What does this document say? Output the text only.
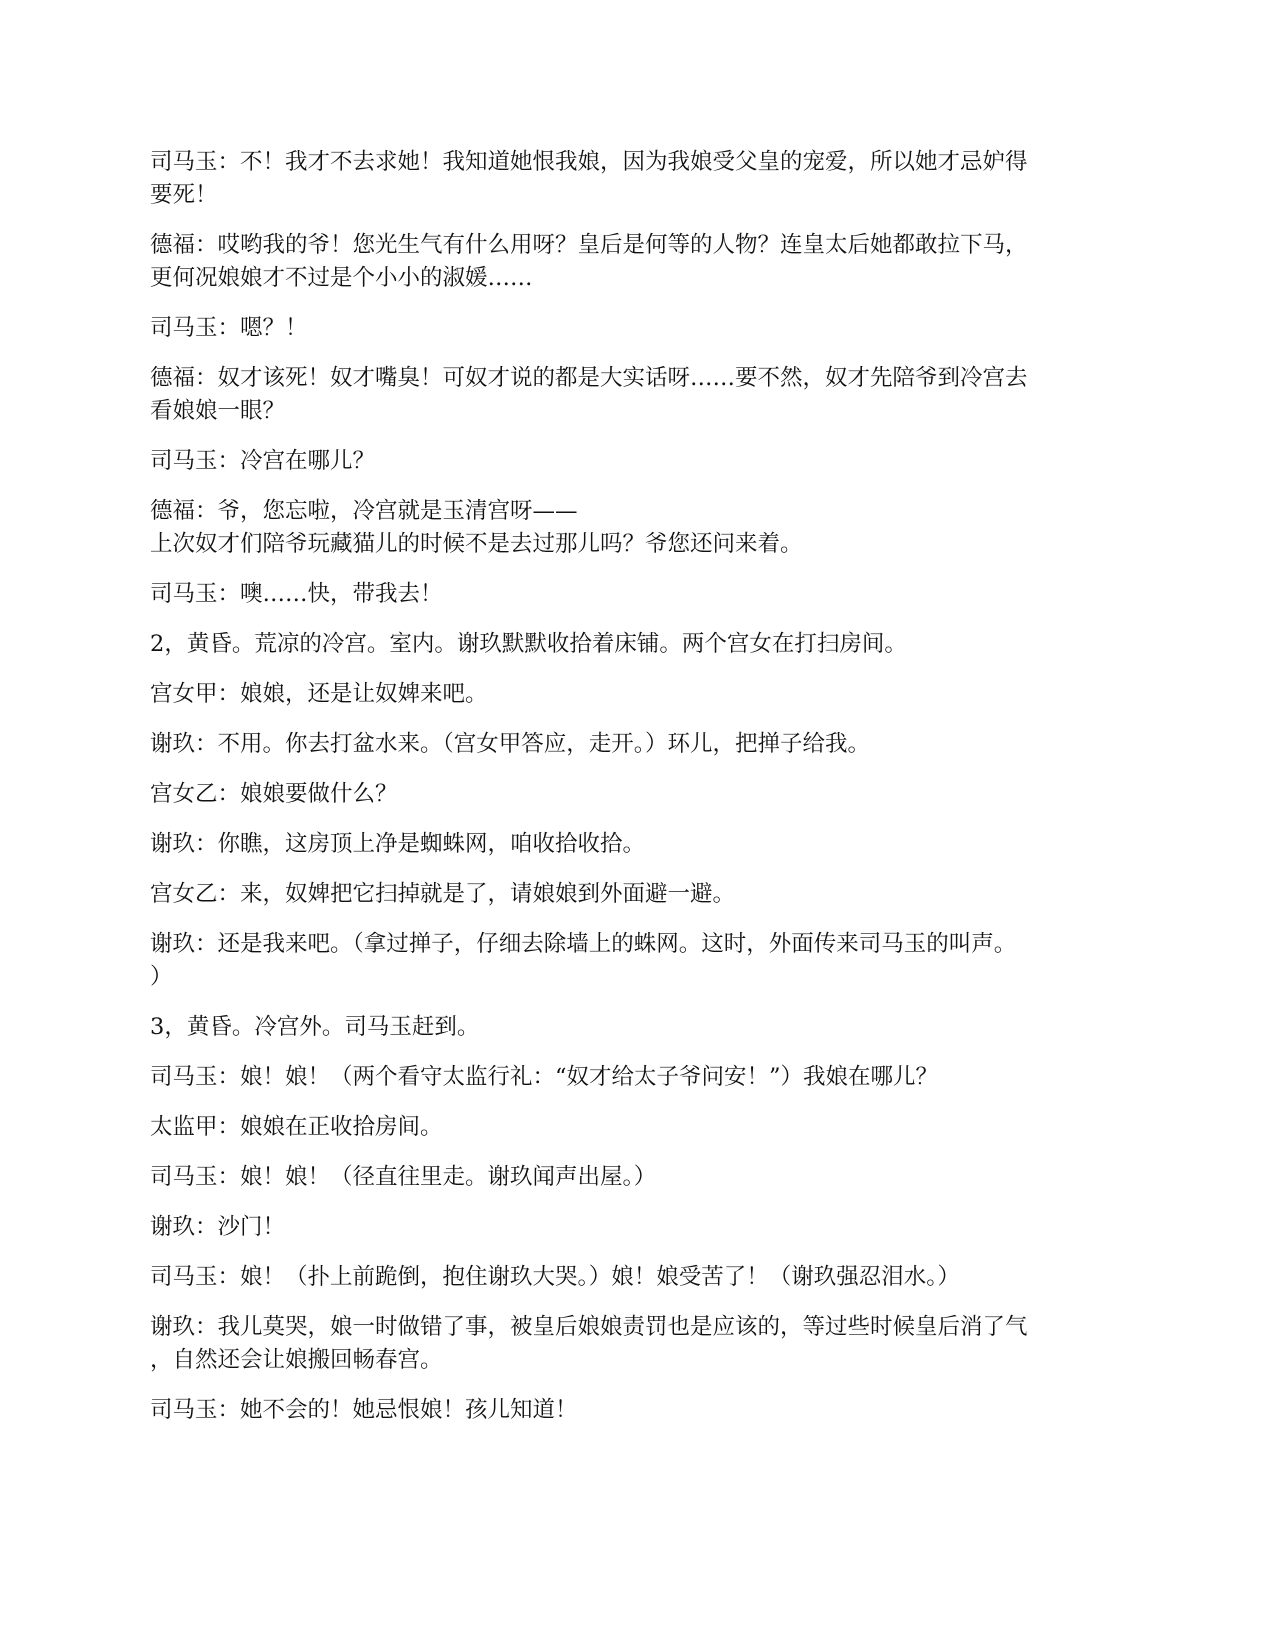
司马玉：不！我才不去求她！我知道她恨我娘，因为我娘受父皇的宠爱，所以她才忌妒得
要死！

德福：哎哟我的爷！您光生气有什么用呀？皇后是何等的人物？连皇太后她都敢拉下马，
更何况娘娘才不过是个小小的淑媛……

司马玉：嗯？！

德福：奴才该死！奴才嘴臭！可奴才说的都是大实话呀……要不然，奴才先陪爷到冷宫去
看娘娘一眼？

司马玉：冷宫在哪儿？

德福：爷，您忘啦，冷宫就是玉清宫呀——
上次奴才们陪爷玩藏猫儿的时候不是去过那儿吗？爷您还问来着。

司马玉：噢……快，带我去！

2，黄昏。荒凉的冷宫。室内。谢玖默默收拾着床铺。两个宫女在打扫房间。

宫女甲：娘娘，还是让奴婢来吧。

谢玖：不用。你去打盆水来。（宫女甲答应，走开。）环儿，把掸子给我。

宫女乙：娘娘要做什么？

谢玖：你瞧，这房顶上净是蜘蛛网，咱收拾收拾。

宫女乙：来，奴婢把它扫掉就是了，请娘娘到外面避一避。

谢玖：还是我来吧。（拿过掸子，仔细去除墙上的蛛网。这时，外面传来司马玉的叫声。
）

3，黄昏。冷宫外。司马玉赶到。

司马玉：娘！娘！（两个看守太监行礼：“奴才给太子爷问安！”）我娘在哪儿？

太监甲：娘娘在正收拾房间。

司马玉：娘！娘！（径直往里走。谢玖闻声出屋。）

谢玖：沙门！

司马玉：娘！（扑上前跪倒，抱住谢玖大哭。）娘！娘受苦了！（谢玖强忍泪水。）

谢玖：我儿莫哭，娘一时做错了事，被皇后娘娘责罚也是应该的，等过些时候皇后消了气
，自然还会让娘搬回畅春宫。

司马玉：她不会的！她忌恨娘！孩儿知道！
